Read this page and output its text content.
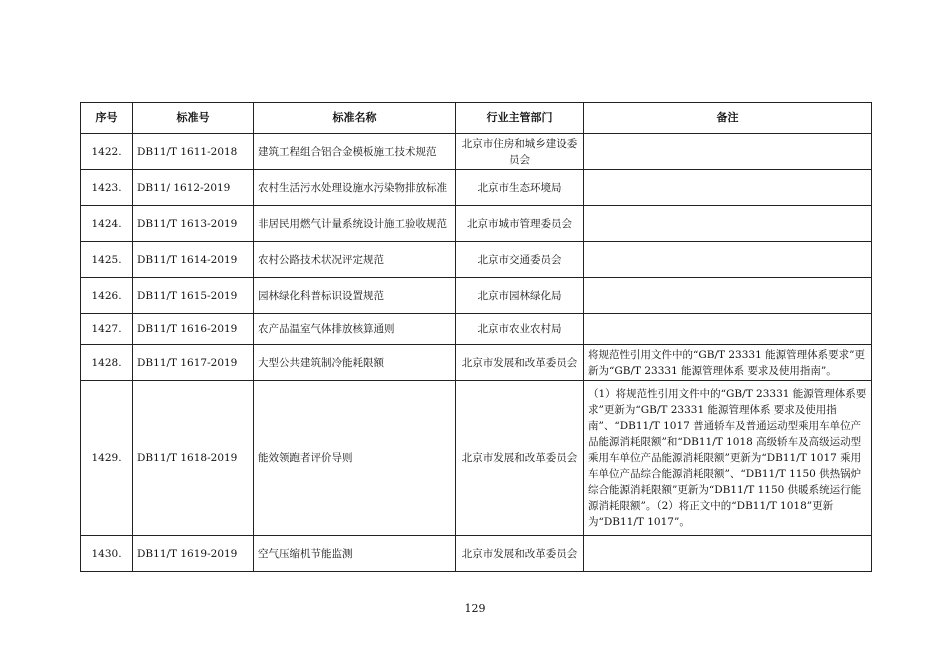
序号	标准号	标准名称	行业主管部门	备注
1422.	DB11/T 1611-2018	建筑工程组合铝合金模板施工技术规范	北京市住房和城乡建设委员会	
1423.	DB11/ 1612-2019	农村生活污水处理设施水污染物排放标准	北京市生态环境局	
1424.	DB11/T 1613-2019	非居民用燃气计量系统设计施工验收规范	北京市城市管理委员会	
1425.	DB11/T 1614-2019	农村公路技术状况评定规范	北京市交通委员会	
1426.	DB11/T 1615-2019	园林绿化科普标识设置规范	北京市园林绿化局	
1427.	DB11/T 1616-2019	农产品温室气体排放核算通则	北京市农业农村局	
1428.	DB11/T 1617-2019	大型公共建筑制冷能耗限额	北京市发展和改革委员会	将规范性引用文件中的“GB/T 23331 能源管理体系要求”更新为“GB/T 23331 能源管理体系 要求及使用指南”。
1429.	DB11/T 1618-2019	能效领跑者评价导则	北京市发展和改革委员会	（1）将规范性引用文件中的“GB/T 23331 能源管理体系要求”更新为“GB/T 23331 能源管理体系 要求及使用指南”、“DB11/T 1017 普通轿车及普通运动型乘用车单位产品能源消耗限额”和“DB11/T 1018 高级轿车及高级运动型乘用车单位产品能源消耗限额”更新为“DB11/T 1017 乘用车单位产品综合能源消耗限额”、“DB11/T 1150 供热锅炉综合能源消耗限额”更新为“DB11/T 1150 供暖系统运行能源消耗限额”。（2）将正文中的“DB11/T 1018”更新为“DB11/T 1017”。
1430.	DB11/T 1619-2019	空气压缩机节能监测	北京市发展和改革委员会	
129
